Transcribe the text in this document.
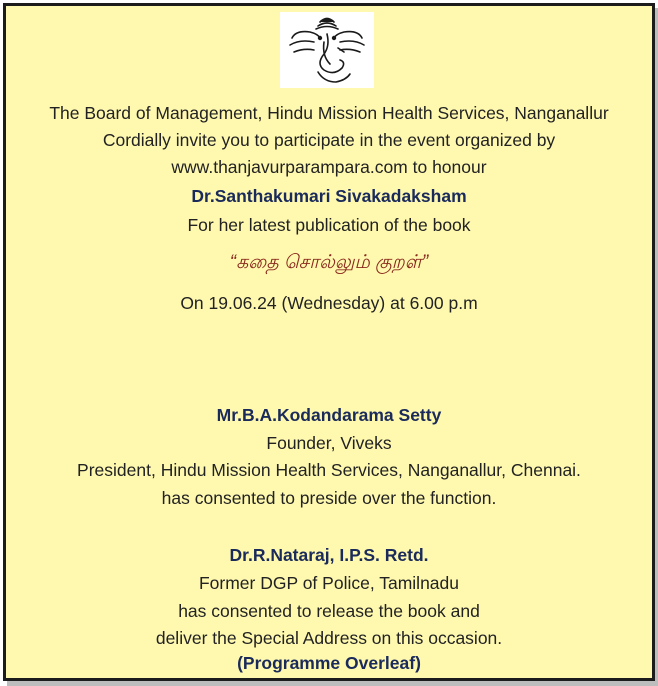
The Board of Management, Hindu Mission Health Services, Nanganallur
Cordially invite you to participate in the event organized by
www.thanjavurparampara.com to honour
Dr.Santhakumari Sivakadaksham
For her latest publication of the book
“கதை சொல்லும் குறள்”
On 19.06.24 (Wednesday) at 6.00 p.m
Mr.B.A.Kodandarama Setty
Founder, Viveks
President, Hindu Mission Health Services, Nanganallur, Chennai.
has consented to preside over the function.
Dr.R.Nataraj, I.P.S. Retd.
Former DGP of Police, Tamilnadu
has consented to release the book and
deliver the Special Address on this occasion.
(Programme Overleaf)
